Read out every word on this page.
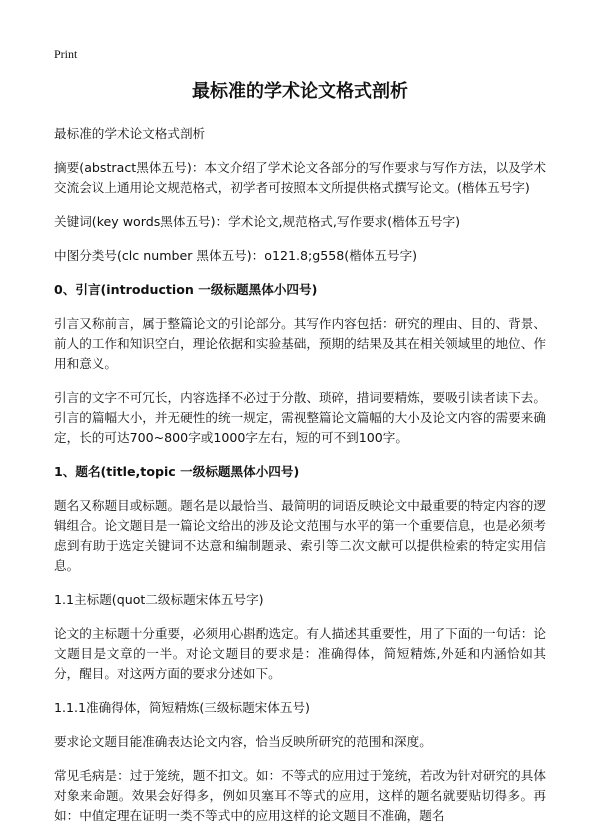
Print
最标准的学术论文格式剖析

最标准的学术论文格式剖析

摘要(abstract黑体五号)：本文介绍了学术论文各部分的写作要求与写作方法，以及学术交流会议上通用论文规范格式，初学者可按照本文所提供格式撰写论文。(楷体五号字)

关键词(key words黑体五号)：学术论文,规范格式,写作要求(楷体五号字)

中图分类号(clc number 黑体五号)：o121.8;g558(楷体五号字)

0、引言(introduction 一级标题黑体小四号)

引言又称前言，属于整篇论文的引论部分。其写作内容包括：研究的理由、目的、背景、前人的工作和知识空白，理论依据和实验基础，预期的结果及其在相关领域里的地位、作用和意义。

引言的文字不可冗长，内容选择不必过于分散、琐碎，措词要精炼，要吸引读者读下去。引言的篇幅大小，并无硬性的统一规定，需视整篇论文篇幅的大小及论文内容的需要来确定，长的可达700~800字或1000字左右，短的可不到100字。

1、题名(title,topic 一级标题黑体小四号)

题名又称题目或标题。题名是以最恰当、最简明的词语反映论文中最重要的特定内容的逻辑组合。论文题目是一篇论文给出的涉及论文范围与水平的第一个重要信息，也是必须考虑到有助于选定关键词不达意和编制题录、索引等二次文献可以提供检索的特定实用信息。

1.1主标题(quot二级标题宋体五号字)

论文的主标题十分重要，必须用心斟酌选定。有人描述其重要性，用了下面的一句话：论文题目是文章的一半。对论文题目的要求是：准确得体，简短精炼,外延和内涵恰如其分，醒目。对这两方面的要求分述如下。

1.1.1准确得体，简短精炼(三级标题宋体五号)

要求论文题目能准确表达论文内容，恰当反映所研究的范围和深度。

常见毛病是：过于笼统，题不扣文。如：不等式的应用过于笼统，若改为针对研究的具体对象来命题。效果会好得多，例如贝塞耳不等式的应用，这样的题名就要贴切得多。再如：中值定理在证明一类不等式中的应用这样的论文题目不准确，题名
